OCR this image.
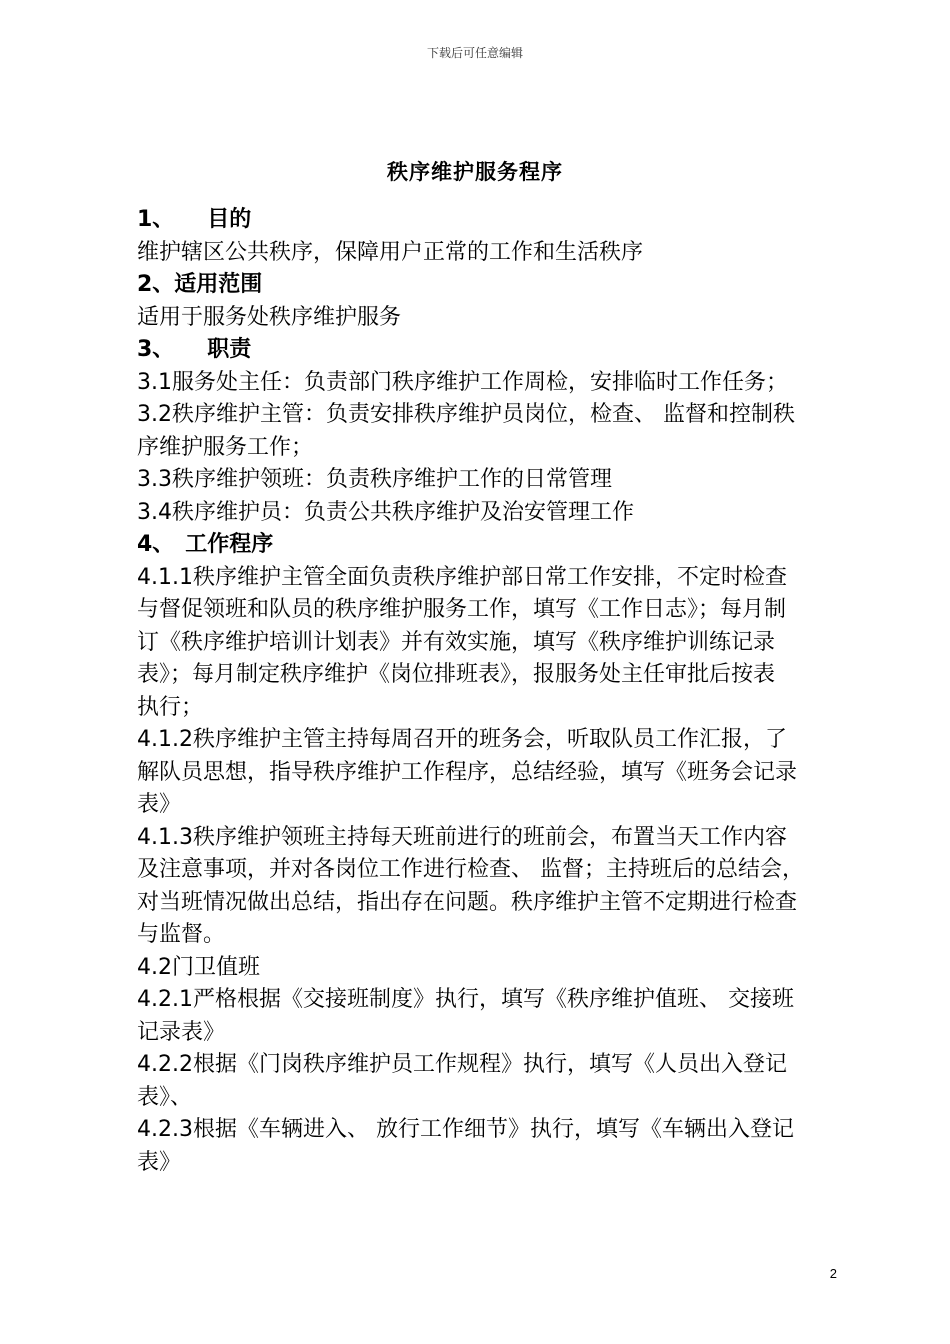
下载后可任意编辑
秩序维护服务程序
1、　　目的
维护辖区公共秩序，保障用户正常的工作和生活秩序
2、适用范围
适用于服务处秩序维护服务
3、　　职责
3.1服务处主任：负责部门秩序维护工作周检，安排临时工作任务；
3.2秩序维护主管：负责安排秩序维护员岗位，检查、 监督和控制秩
序维护服务工作；
3.3秩序维护领班：负责秩序维护工作的日常管理
3.4秩序维护员：负责公共秩序维护及治安管理工作
4、　工作程序
4.1.1秩序维护主管全面负责秩序维护部日常工作安排，不定时检查
与督促领班和队员的秩序维护服务工作，填写《工作日志》；每月制
订《秩序维护培训计划表》并有效实施，填写《秩序维护训练记录
表》；每月制定秩序维护《岗位排班表》，报服务处主任审批后按表
执行；
4.1.2秩序维护主管主持每周召开的班务会，听取队员工作汇报，了
解队员思想，指导秩序维护工作程序，总结经验，填写《班务会记录
表》
4.1.3秩序维护领班主持每天班前进行的班前会，布置当天工作内容
及注意事项，并对各岗位工作进行检查、 监督；主持班后的总结会，
对当班情况做出总结，指出存在问题。秩序维护主管不定期进行检查
与监督。
4.2门卫值班
4.2.1严格根据《交接班制度》执行，填写《秩序维护值班、 交接班
记录表》
4.2.2根据《门岗秩序维护员工作规程》执行，填写《人员出入登记
表》、
4.2.3根据《车辆进入、 放行工作细节》执行，填写《车辆出入登记
表》
2
